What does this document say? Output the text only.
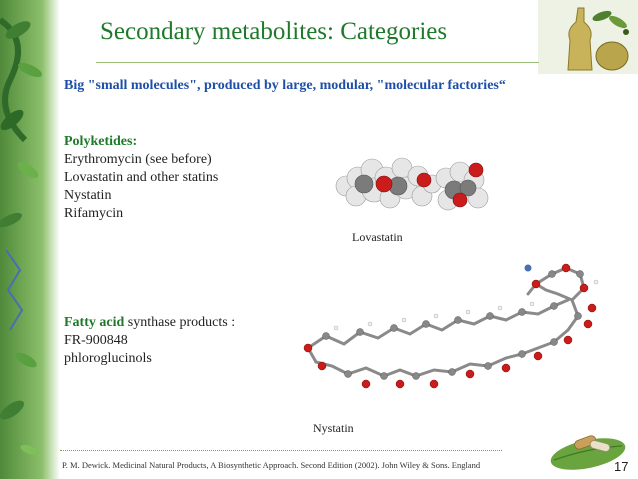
Secondary metabolites: Categories
Big "small molecules", produced by large, modular, "molecular factories“
Polyketides:
Erythromycin (see before)
Lovastatin and other statins
Nystatin
Rifamycin
Fatty acid synthase products :
FR-900848
phloroglucinols
Lovastatin
Nystatin
P. M. Dewick. Medicinal Natural Products, A Biosynthetic Approach. Second Edition (2002). John Wiley & Sons. England	17
